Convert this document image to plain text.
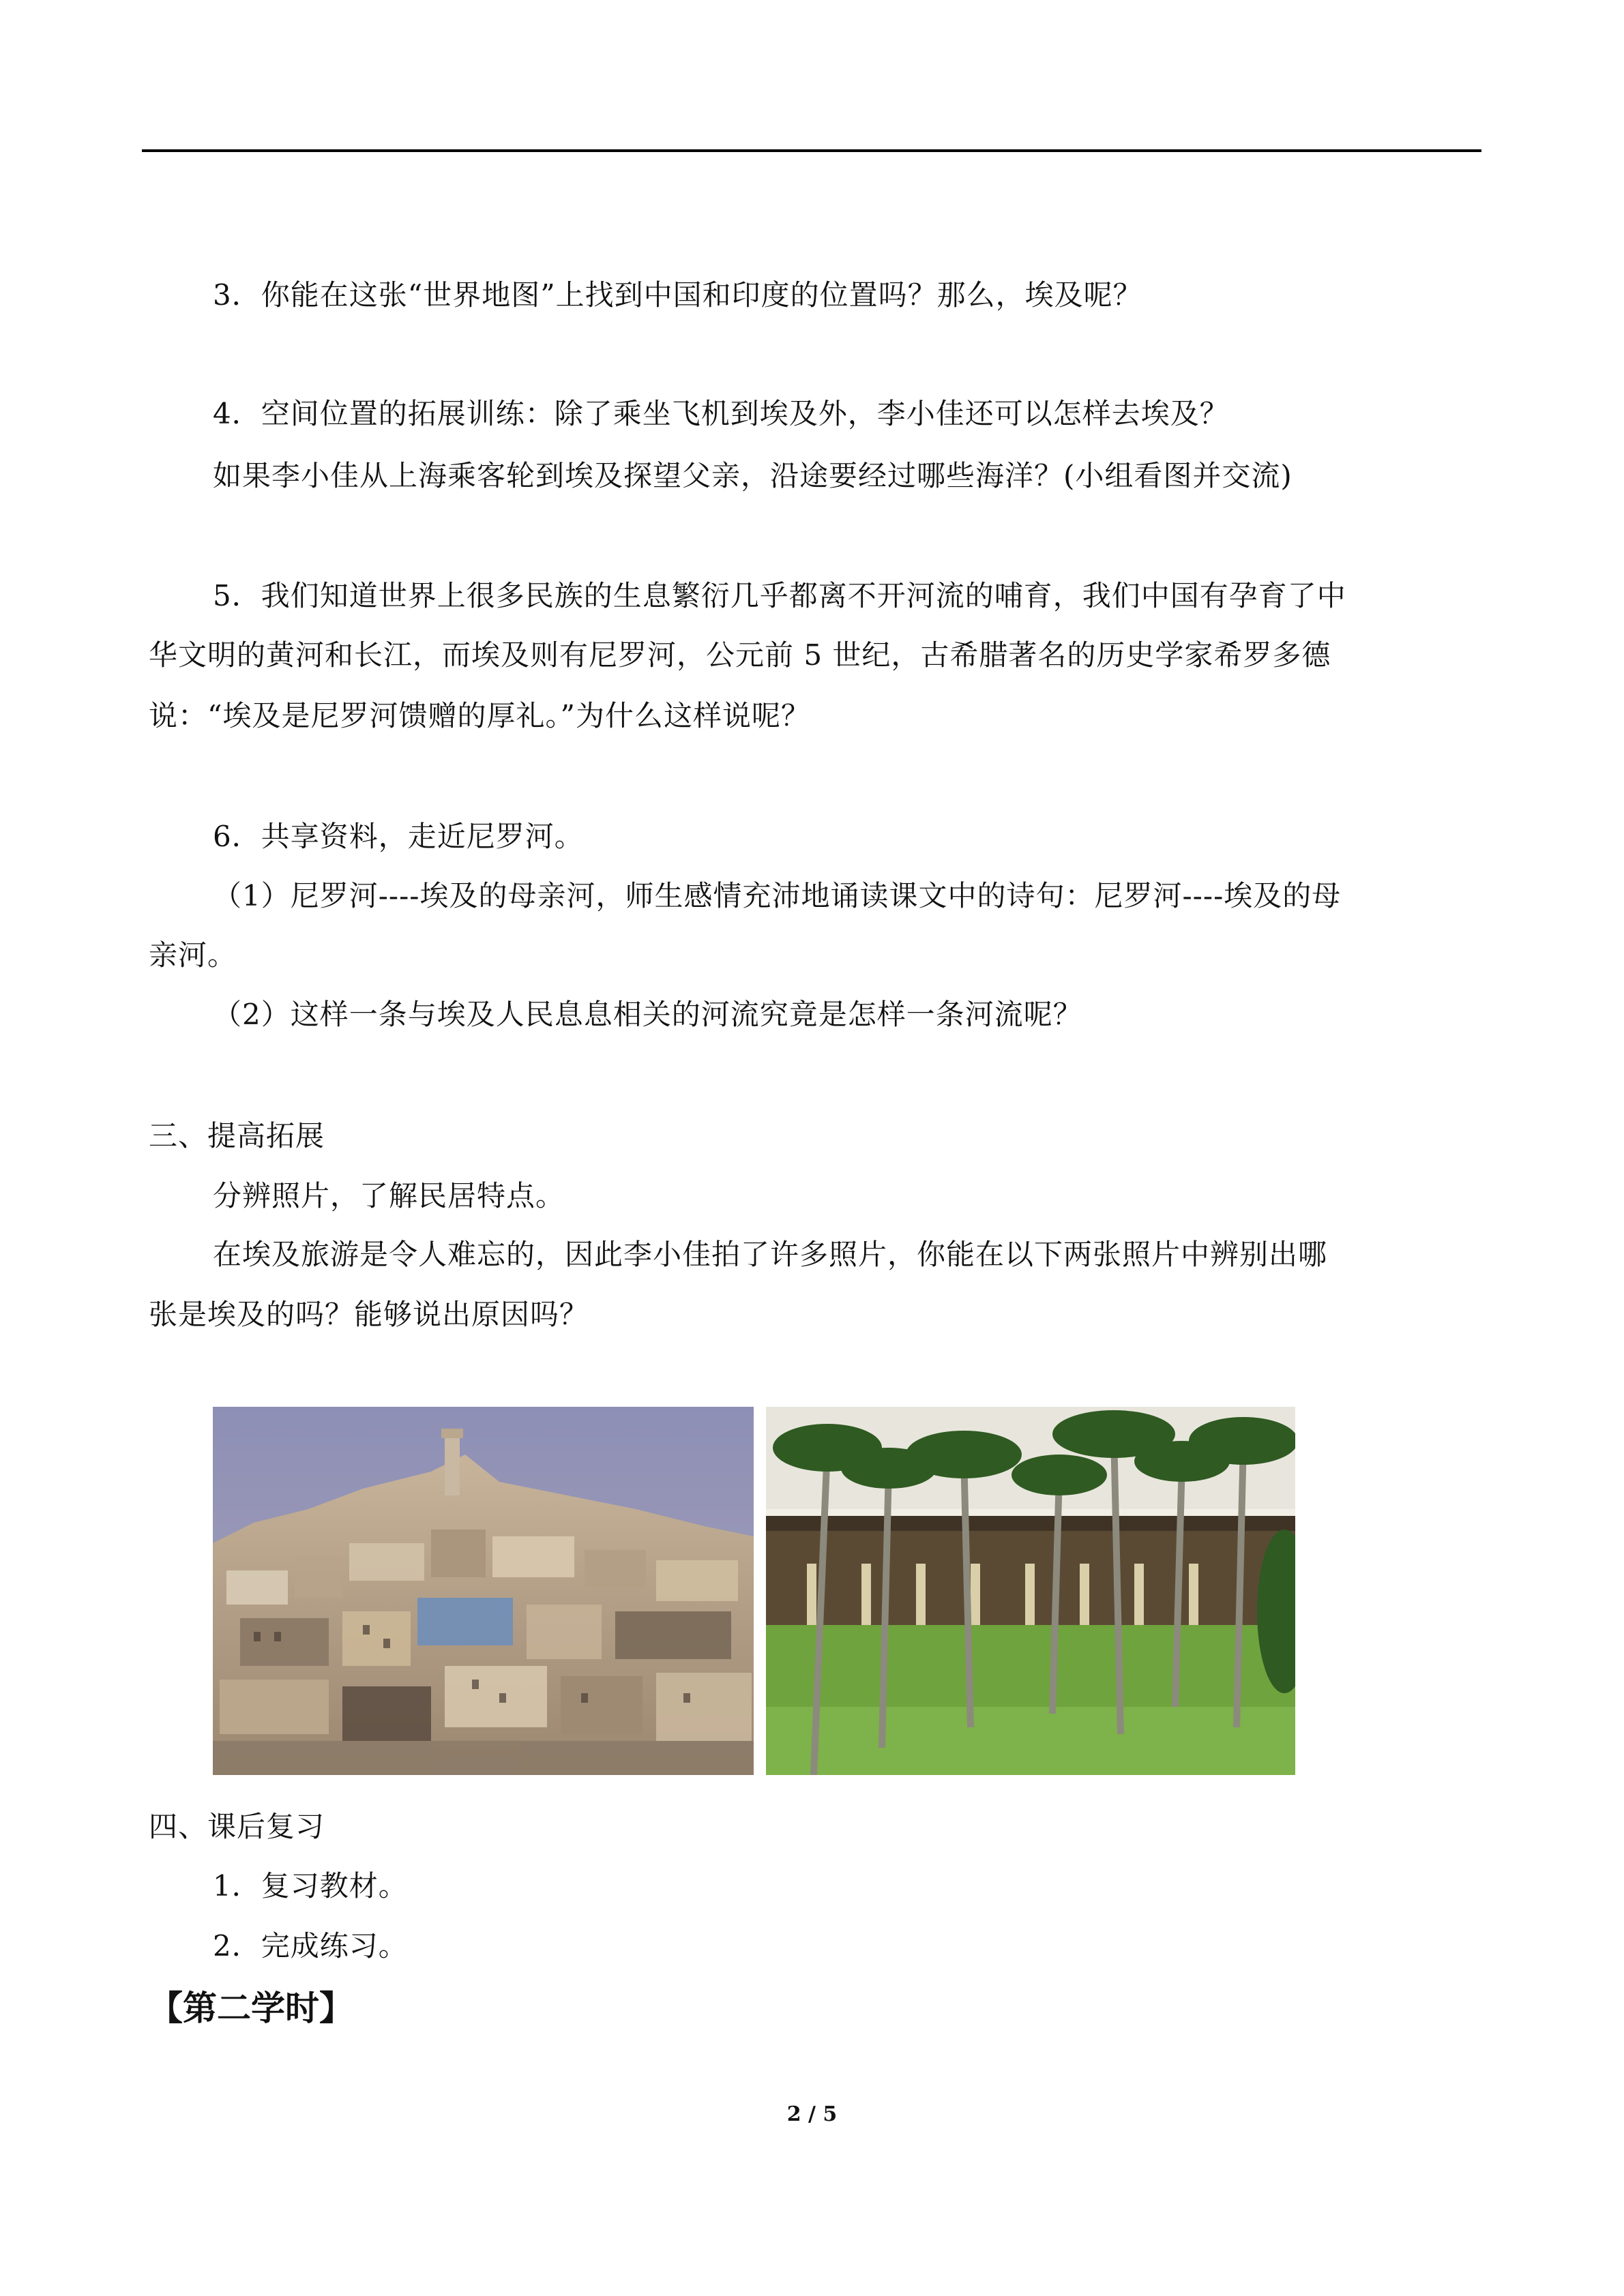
3．你能在这张“世界地图”上找到中国和印度的位置吗？那么，埃及呢？
4．空间位置的拓展训练：除了乘坐飞机到埃及外，李小佳还可以怎样去埃及？
如果李小佳从上海乘客轮到埃及探望父亲，沿途要经过哪些海洋？(小组看图并交流)
5．我们知道世界上很多民族的生息繁衍几乎都离不开河流的哺育，我们中国有孕育了中
华文明的黄河和长江，而埃及则有尼罗河，公元前 5 世纪，古希腊著名的历史学家希罗多德
说：“埃及是尼罗河馈赠的厚礼。”为什么这样说呢？
6．共享资料，走近尼罗河。
（1）尼罗河----埃及的母亲河，师生感情充沛地诵读课文中的诗句：尼罗河----埃及的母
亲河。
（2）这样一条与埃及人民息息相关的河流究竟是怎样一条河流呢？
三、提高拓展
分辨照片，了解民居特点。
在埃及旅游是令人难忘的，因此李小佳拍了许多照片，你能在以下两张照片中辨别出哪
张是埃及的吗？能够说出原因吗？
四、课后复习
1．复习教材。
2．完成练习。
【第二学时】
2 / 5
